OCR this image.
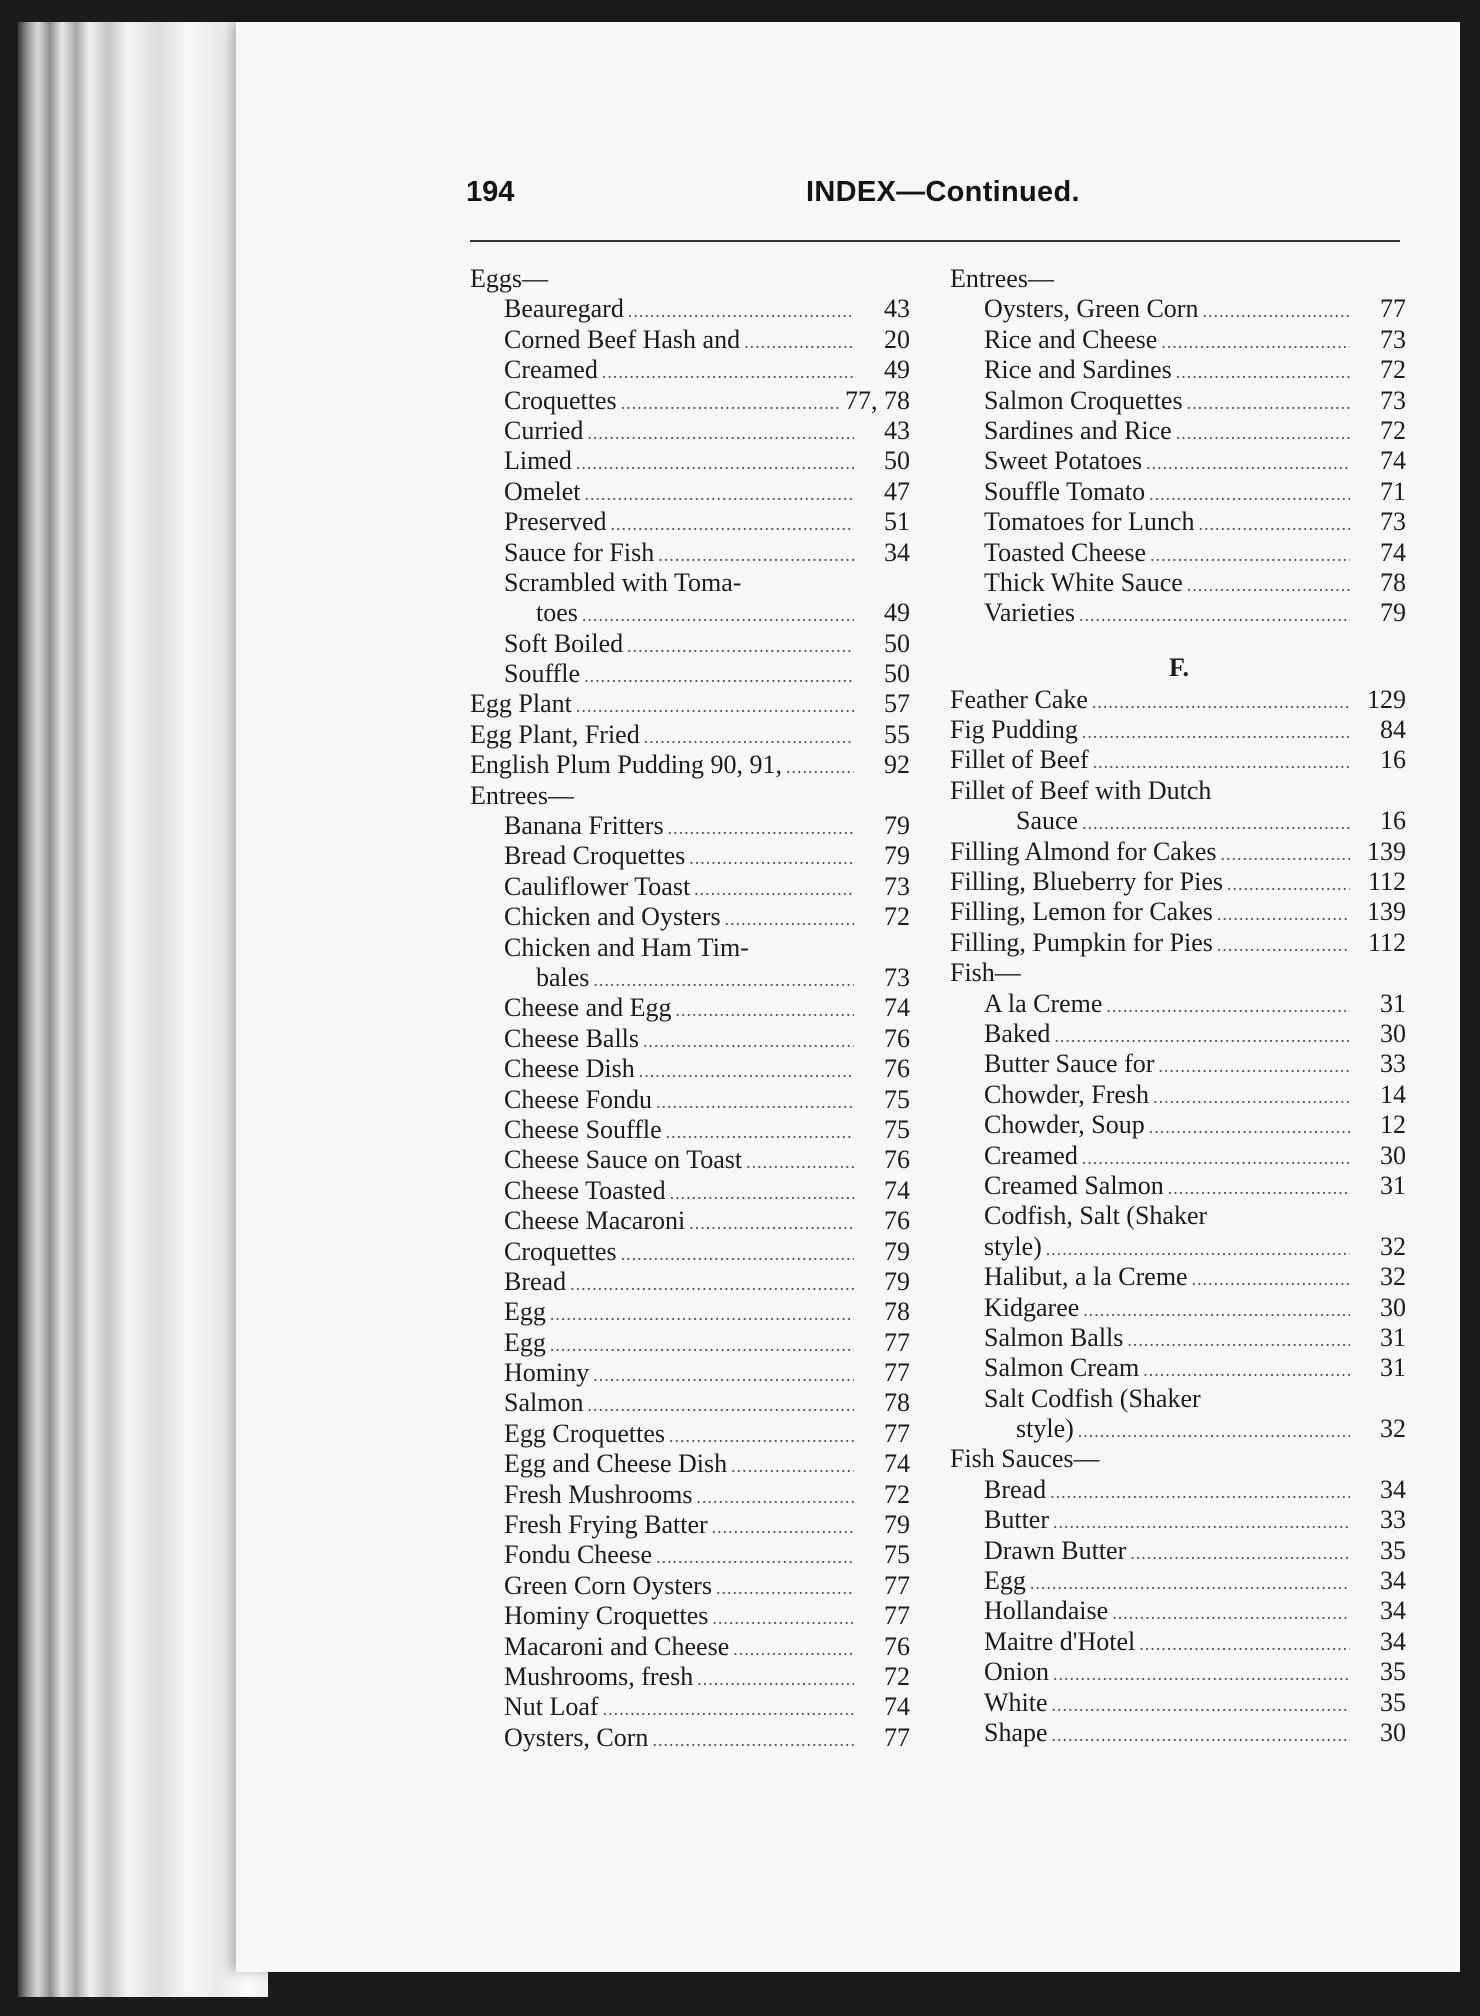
194	INDEX—Continued.
Eggs—
Beauregard .....	43
Corned Beef Hash and .....	20
Creamed .....	49
Croquettes .....	77, 78
Curried .....	43
Limed .....	50
Omelet .....	47
Preserved .....	51
Sauce for Fish .....	34
Scrambled with Toma-
toes .....	49
Soft Boiled .....	50
Souffle .....	50
Egg Plant .....	57
Egg Plant, Fried .....	55
English Plum Pudding 90, 91, .....	92
Entrees—
Banana Fritters .....	79
Bread Croquettes .....	79
Cauliflower Toast .....	73
Chicken and Oysters .....	72
Chicken and Ham Tim-
bales .....	73
Cheese and Egg .....	74
Cheese Balls .....	76
Cheese Dish .....	76
Cheese Fondu .....	75
Cheese Souffle .....	75
Cheese Sauce on Toast .....	76
Cheese Toasted .....	74
Cheese Macaroni .....	76
Croquettes .....	79
Bread .....	79
Egg .....	78
Egg .....	77
Hominy .....	77
Salmon .....	78
Egg Croquettes .....	77
Egg and Cheese Dish .....	74
Fresh Mushrooms .....	72
Fresh Frying Batter .....	79
Fondu Cheese .....	75
Green Corn Oysters .....	77
Hominy Croquettes .....	77
Macaroni and Cheese .....	76
Mushrooms, fresh .....	72
Nut Loaf .....	74
Oysters, Corn .....	77
Entrees—
Oysters, Green Corn .....	77
Rice and Cheese .....	73
Rice and Sardines .....	72
Salmon Croquettes .....	73
Sardines and Rice .....	72
Sweet Potatoes .....	74
Souffle Tomato .....	71
Tomatoes for Lunch .....	73
Toasted Cheese .....	74
Thick White Sauce .....	78
Varieties .....	79
F.
Feather Cake .....	129
Fig Pudding .....	84
Fillet of Beef .....	16
Fillet of Beef with Dutch
Sauce .....	16
Filling Almond for Cakes .....	139
Filling, Blueberry for Pies .....	112
Filling, Lemon for Cakes .....	139
Filling, Pumpkin for Pies .....	112
Fish—
A la Creme .....	31
Baked .....	30
Butter Sauce for .....	33
Chowder, Fresh .....	14
Chowder, Soup .....	12
Creamed .....	30
Creamed Salmon .....	31
Codfish, Salt (Shaker
style) .....	32
Halibut, a la Creme .....	32
Kidgaree .....	30
Salmon Balls .....	31
Salmon Cream .....	31
Salt Codfish (Shaker
style) .....	32
Fish Sauces—
Bread .....	34
Butter .....	33
Drawn Butter .....	35
Egg .....	34
Hollandaise .....	34
Maitre d'Hotel .....	34
Onion .....	35
White .....	35
Shape .....	30
